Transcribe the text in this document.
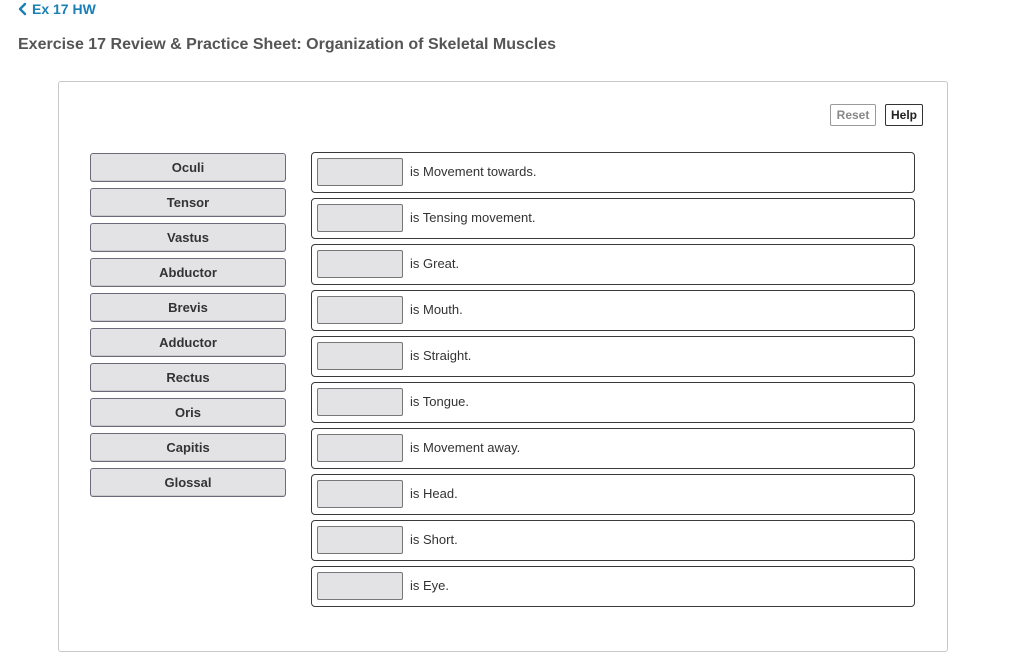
Ex 17 HW
Exercise 17 Review & Practice Sheet: Organization of Skeletal Muscles
Reset	Help
Oculi
Tensor
Vastus
Abductor
Brevis
Adductor
Rectus
Oris
Capitis
Glossal
is Movement towards.
is Tensing movement.
is Great.
is Mouth.
is Straight.
is Tongue.
is Movement away.
is Head.
is Short.
is Eye.
